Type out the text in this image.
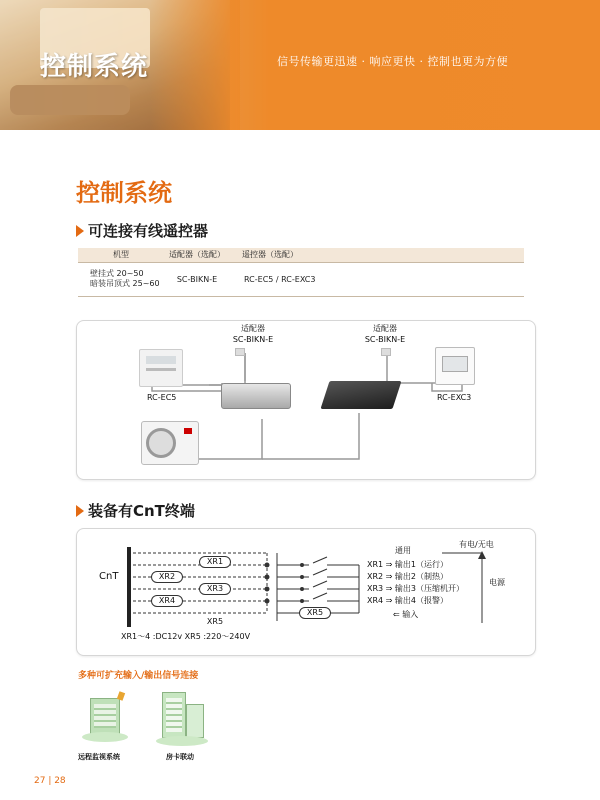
控制系统	信号传输更迅速 · 响应更快 · 控制也更为方便
控制系统
可连接有线遥控器
机型	适配器（选配）	遥控器（选配）

壁挂式 20~50
暗装吊顶式 25~60	SC-BIKN-E	RC-EC5 / RC-EXC3
适配器
SC-BIKN-E
适配器
SC-BIKN-E
RC-EC5	RC-EXC3
装备有CnT终端
CnT
XR1
XR2
XR3
XR4
XR5
XR5
XR1～4 :DC12v XR5 :220～240V
通用
XR1 ⇒ 输出1（运行）
XR2 ⇒ 输出2（制热）
XR3 ⇒ 输出3（压缩机开）
XR4 ⇒ 输出4（报警）
⇐ 输入
有电/无电
电源
多种可扩充输入/输出信号连接
远程监视系统	房卡联动
27 | 28
